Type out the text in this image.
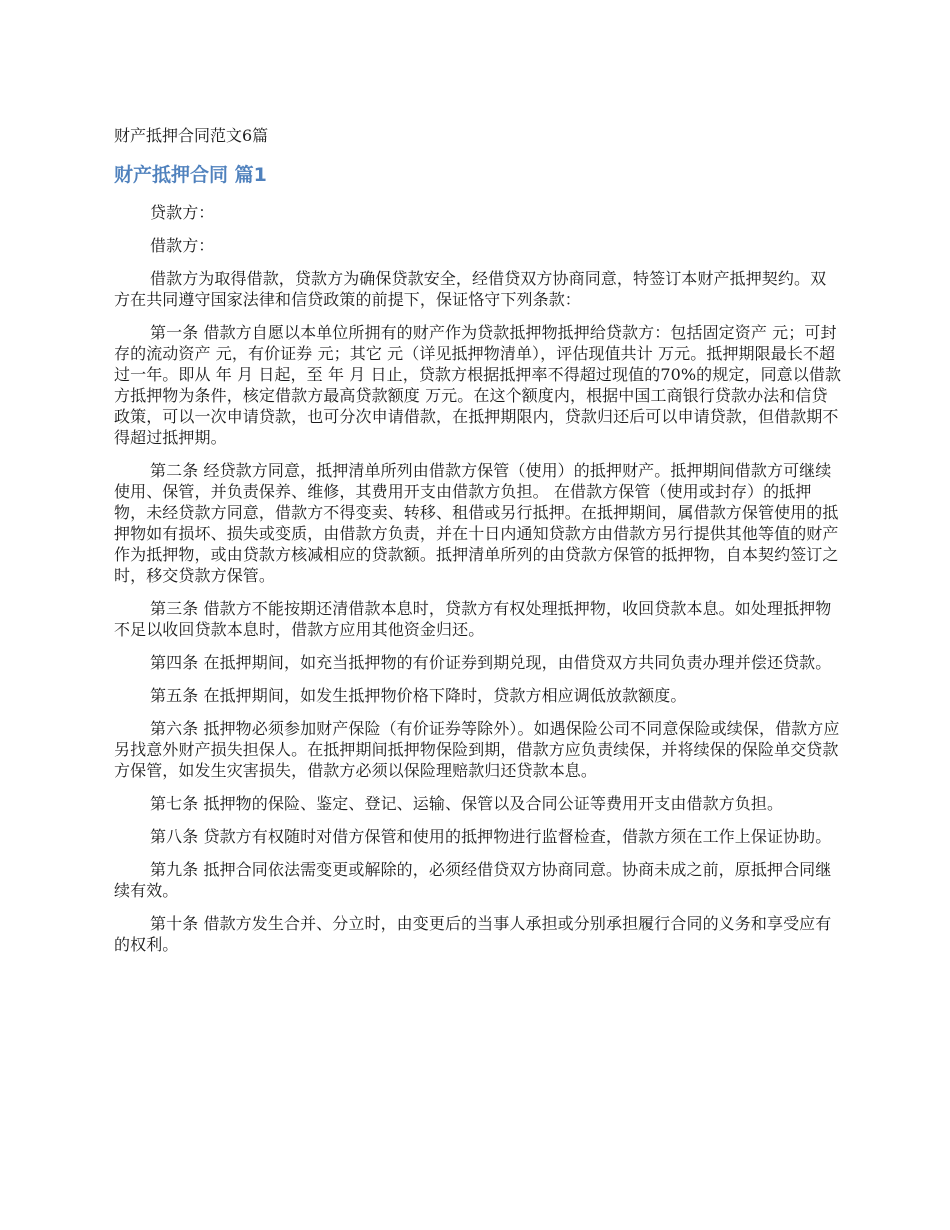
财产抵押合同范文6篇
财产抵押合同 篇1

贷款方：

借款方：

借款方为取得借款，贷款方为确保贷款安全，经借贷双方协商同意，特签订本财产抵押契约。双方在共同遵守国家法律和信贷政策的前提下，保证恪守下列条款：

第一条 借款方自愿以本单位所拥有的财产作为贷款抵押物抵押给贷款方：包括固定资产 元；可封存的流动资产 元，有价证券 元；其它 元（详见抵押物清单），评估现值共计 万元。抵押期限最长不超过一年。即从 年 月 日起，至 年 月 日止，贷款方根据抵押率不得超过现值的70%的规定，同意以借款方抵押物为条件，核定借款方最高贷款额度 万元。在这个额度内，根据中国工商银行贷款办法和信贷政策，可以一次申请贷款，也可分次申请借款，在抵押期限内，贷款归还后可以申请贷款，但借款期不得超过抵押期。

第二条 经贷款方同意，抵押清单所列由借款方保管（使用）的抵押财产。抵押期间借款方可继续使用、保管，并负责保养、维修，其费用开支由借款方负担。 在借款方保管（使用或封存）的抵押物，未经贷款方同意，借款方不得变卖、转移、租借或另行抵押。在抵押期间，属借款方保管使用的抵押物如有损坏、损失或变质，由借款方负责，并在十日内通知贷款方由借款方另行提供其他等值的财产作为抵押物，或由贷款方核减相应的贷款额。抵押清单所列的由贷款方保管的抵押物，自本契约签订之时，移交贷款方保管。

第三条 借款方不能按期还清借款本息时，贷款方有权处理抵押物，收回贷款本息。如处理抵押物不足以收回贷款本息时，借款方应用其他资金归还。

第四条 在抵押期间，如充当抵押物的有价证券到期兑现，由借贷双方共同负责办理并偿还贷款。

第五条 在抵押期间，如发生抵押物价格下降时，贷款方相应调低放款额度。

第六条 抵押物必须参加财产保险（有价证券等除外）。如遇保险公司不同意保险或续保，借款方应另找意外财产损失担保人。在抵押期间抵押物保险到期，借款方应负责续保，并将续保的保险单交贷款方保管，如发生灾害损失，借款方必须以保险理赔款归还贷款本息。

第七条 抵押物的保险、鉴定、登记、运输、保管以及合同公证等费用开支由借款方负担。

第八条 贷款方有权随时对借方保管和使用的抵押物进行监督检查，借款方须在工作上保证协助。

第九条 抵押合同依法需变更或解除的，必须经借贷双方协商同意。协商未成之前，原抵押合同继续有效。

第十条 借款方发生合并、分立时，由变更后的当事人承担或分别承担履行合同的义务和享受应有的权利。
